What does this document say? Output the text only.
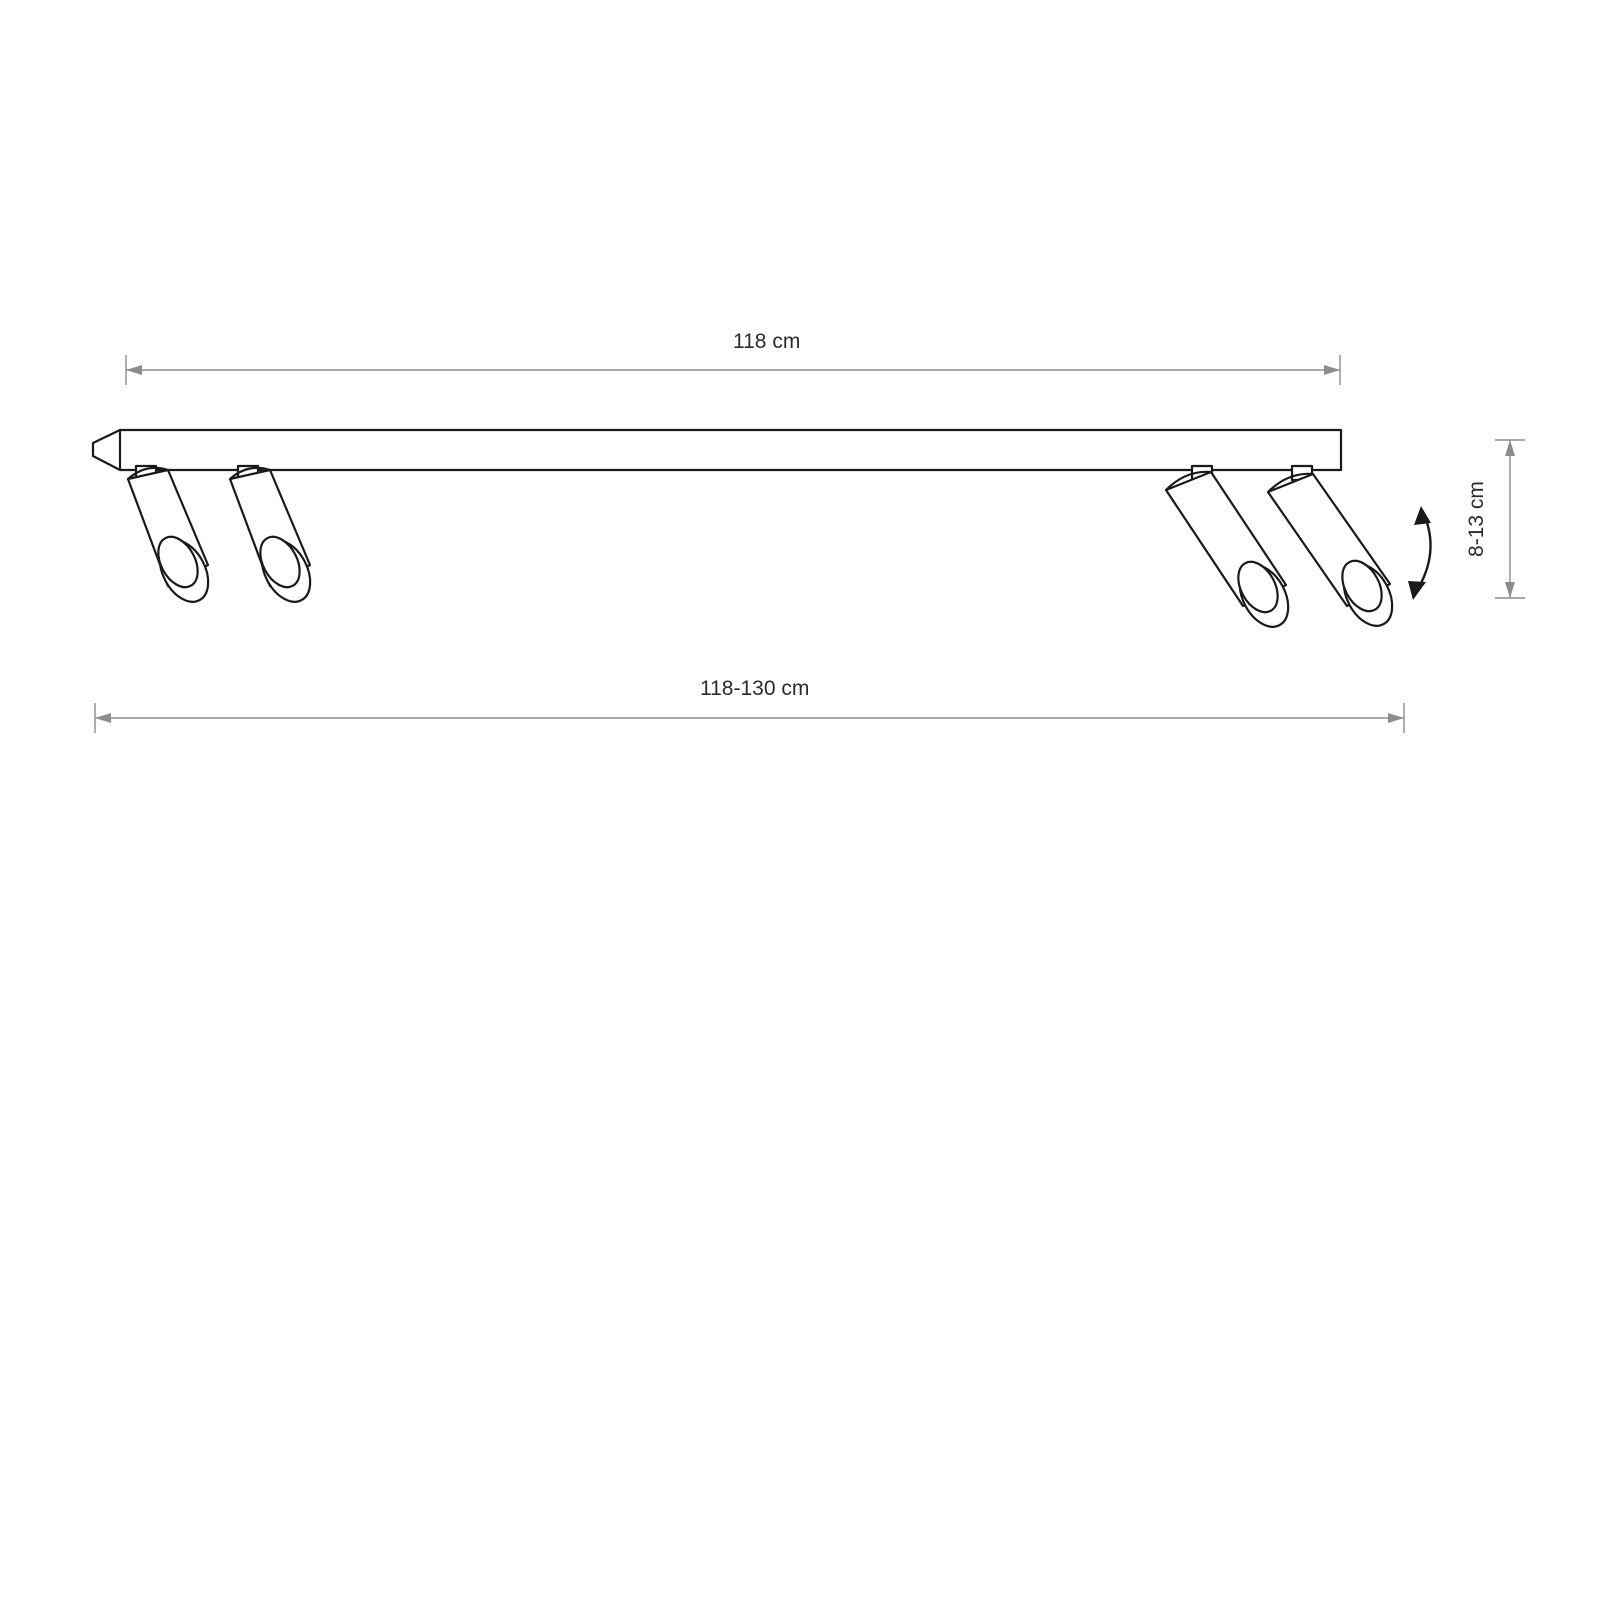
118 cm
8-13 cm
118-130 cm
